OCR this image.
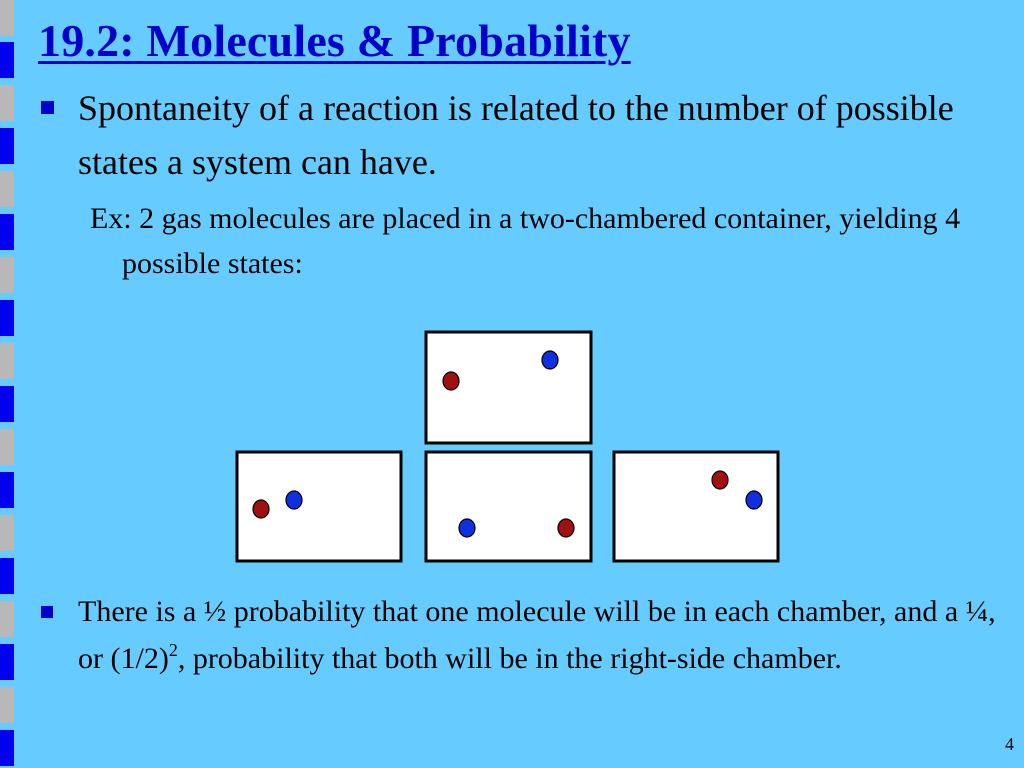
19.2: Molecules & Probability
Spontaneity of a reaction is related to the number of possible states a system can have.
Ex: 2 gas molecules are placed in a two-chambered container, yielding 4 possible states:
There is a ½ probability that one molecule will be in each chamber, and a ¼, or $(1/2)^2$, probability that both will be in the right-side chamber.
4
